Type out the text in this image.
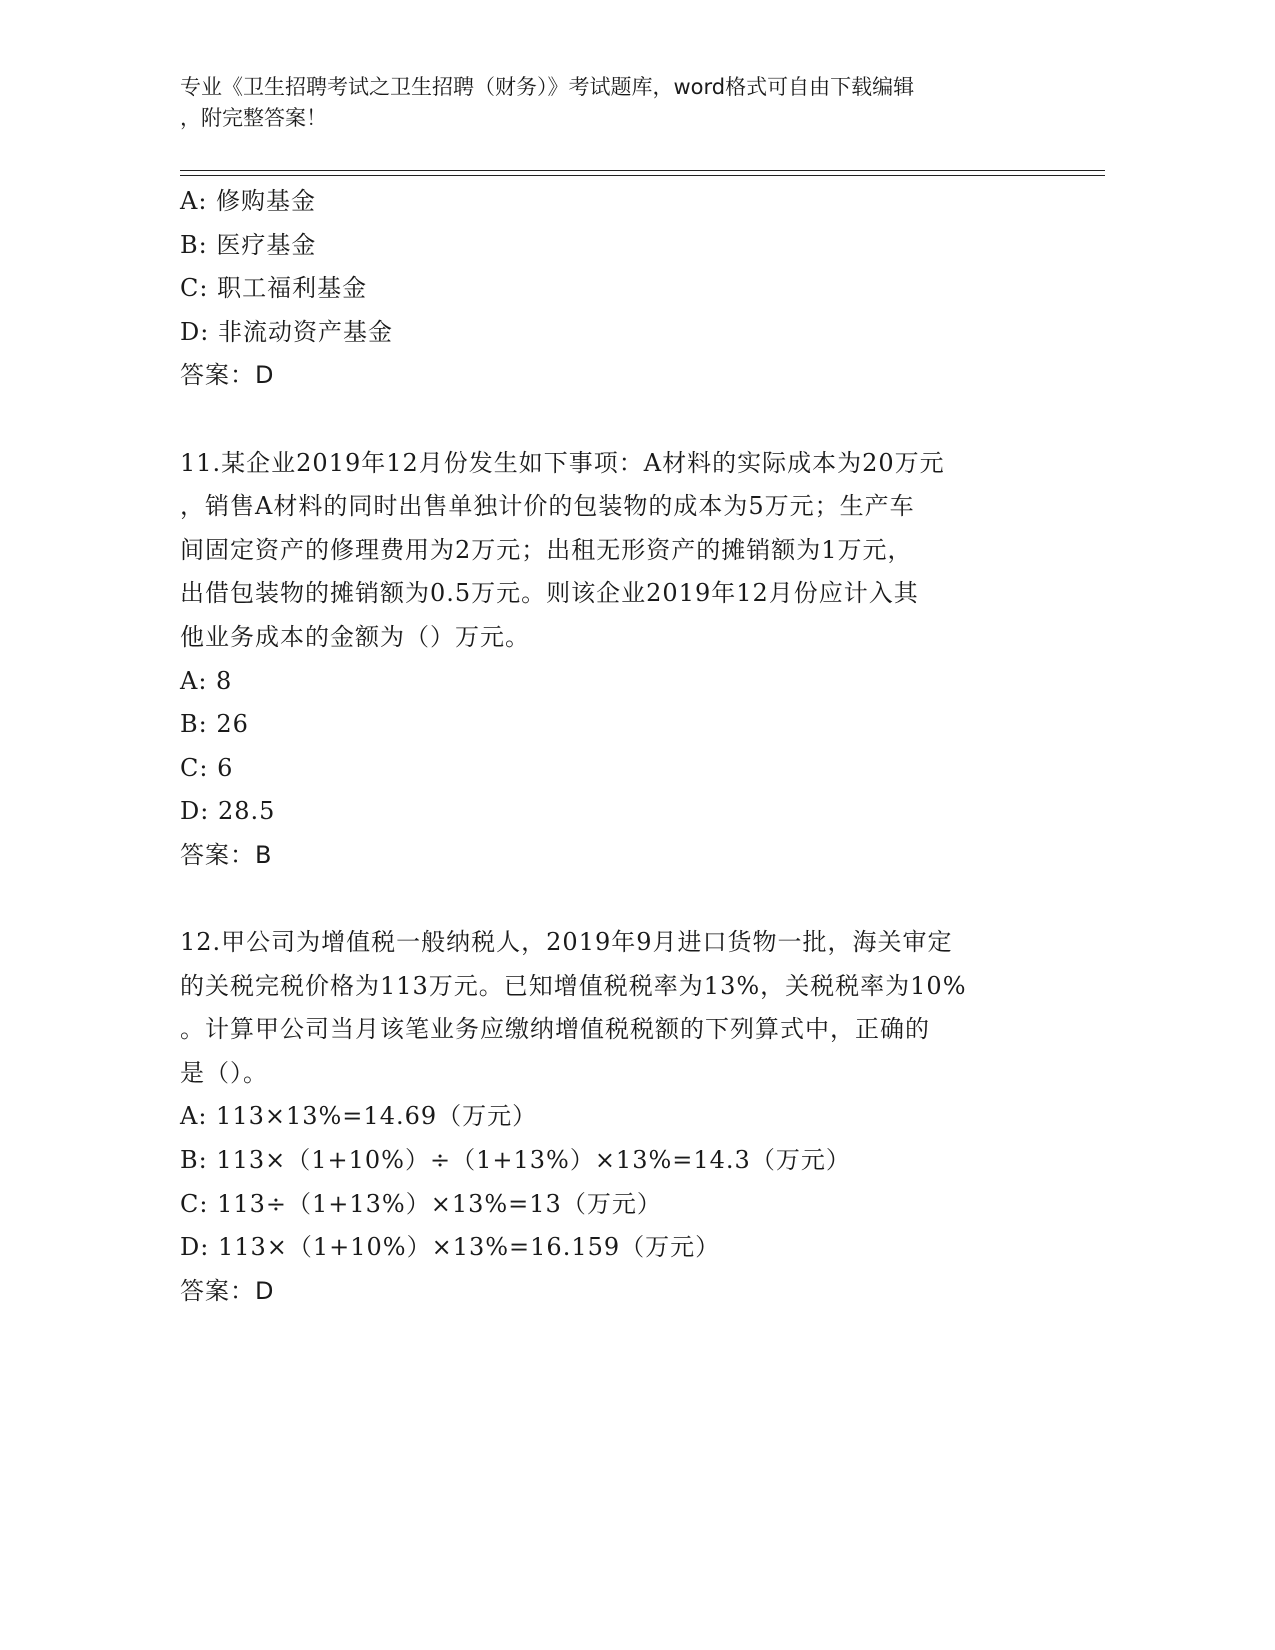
专业《卫生招聘考试之卫生招聘（财务）》考试题库，word格式可自由下载编辑

，附完整答案！

A: 修购基金
B: 医疗基金
C: 职工福利基金
D: 非流动资产基金
答案：D
11.某企业2019年12月份发生如下事项：A材料的实际成本为20万元
，销售A材料的同时出售单独计价的包装物的成本为5万元；生产车
间固定资产的修理费用为2万元；出租无形资产的摊销额为1万元，
出借包装物的摊销额为0.5万元。则该企业2019年12月份应计入其
他业务成本的金额为（）万元。
A: 8
B: 26
C: 6
D: 28.5
答案：B
12.甲公司为增值税一般纳税人，2019年9月进口货物一批，海关审定
的关税完税价格为113万元。已知增值税税率为13%，关税税率为10%
。计算甲公司当月该笔业务应缴纳增值税税额的下列算式中，正确的
是（）。
A: 113×13%=14.69（万元）
B: 113×（1+10%）÷（1+13%）×13%=14.3（万元）
C: 113÷（1+13%）×13%=13（万元）
D: 113×（1+10%）×13%=16.159（万元）
答案：D
